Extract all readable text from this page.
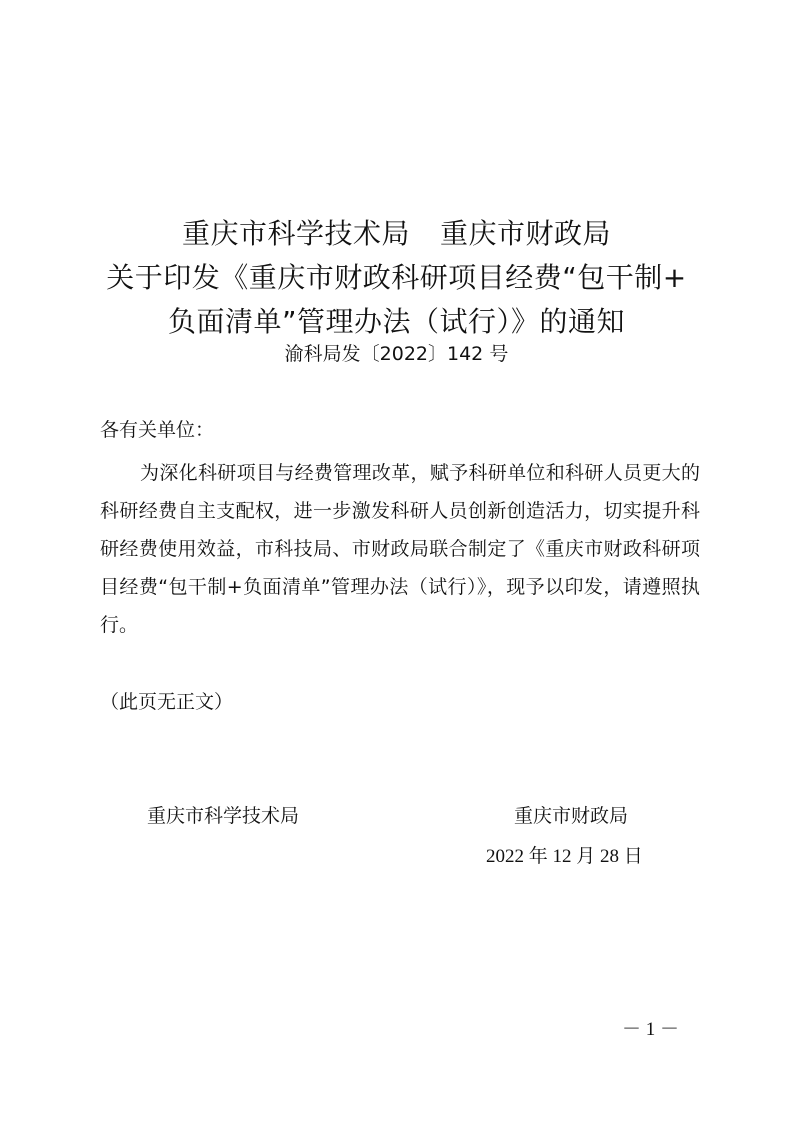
重庆市科学技术局 重庆市财政局
关于印发《重庆市财政科研项目经费“包干制+
负面清单”管理办法（试行）》的通知
渝科局发〔2022〕142 号
各有关单位：

为深化科研项目与经费管理改革，赋予科研单位和科研人员更大的科研经费自主支配权，进一步激发科研人员创新创造活力，切实提升科研经费使用效益，市科技局、市财政局联合制定了《重庆市财政科研项目经费“包干制+负面清单”管理办法（试行）》，现予以印发，请遵照执行。

（此页无正文）
重庆市科学技术局	重庆市财政局
2022 年 12 月 28 日
－ 1 －
